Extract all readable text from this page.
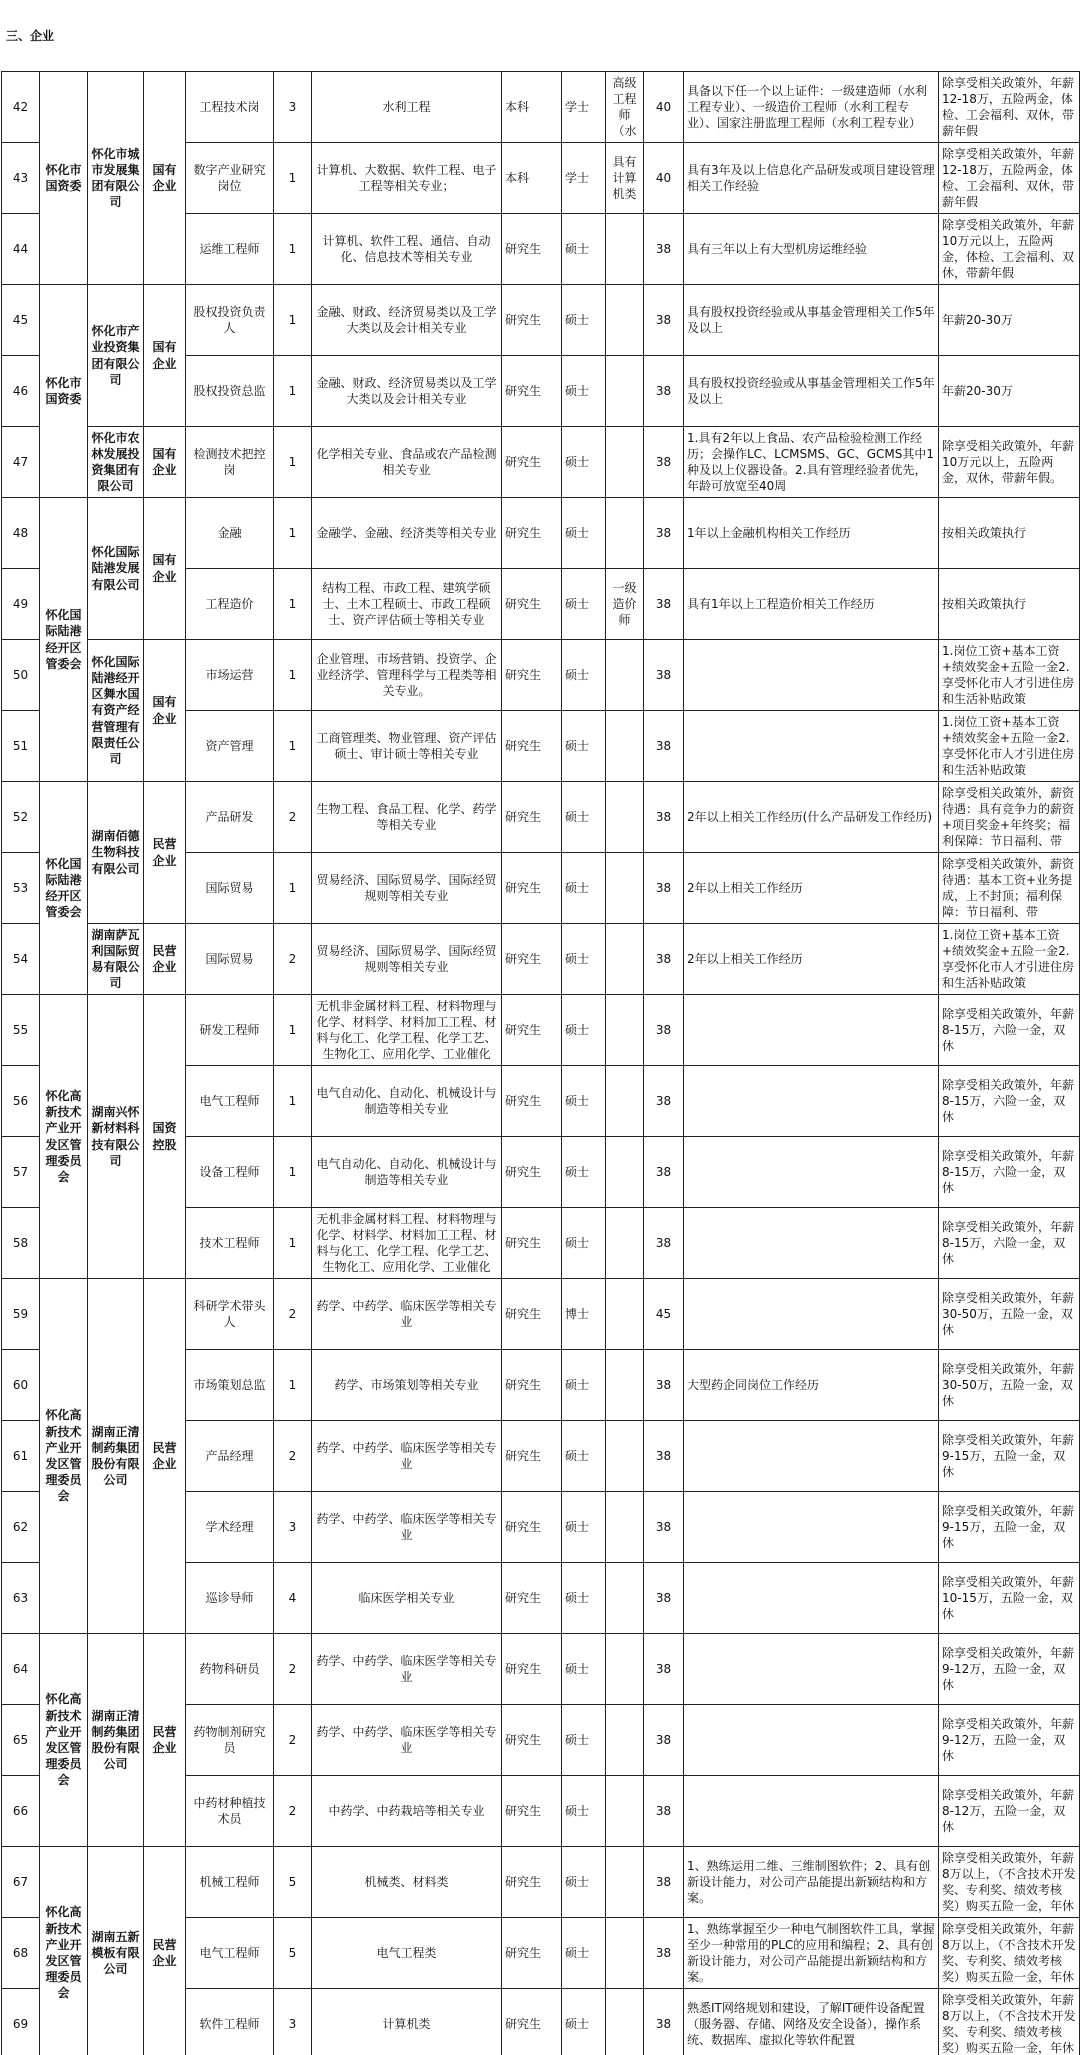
三、企业
42	怀化市国资委	怀化市城市发展集团有限公司	国有企业	工程技术岗	3	水利工程	本科	学士	高级工程师（水	40	具备以下任一个以上证件：一级建造师（水利工程专业）、一级造价工程师（水利工程专业）、国家注册监理工程师（水利工程专业）	除享受相关政策外，年薪12-18万，五险两金，体检、工会福利、双休，带薪年假

43				数字产业研究岗位	1	计算机、大数据、软件工程、电子工程等相关专业；	本科	学士	具有计算机类	40	具有3年及以上信息化产品研发或项目建设管理相关工作经验	除享受相关政策外，年薪12-18万，五险两金，体检、工会福利、双休，带薪年假

44				运维工程师	1	计算机、软件工程、通信、自动化、信息技术等相关专业	研究生	硕士		38	具有三年以上有大型机房运维经验	除享受相关政策外，年薪10万元以上，五险两金，体检、工会福利、双休，带薪年假

45	怀化市国资委	怀化市产业投资集团有限公司	国有企业	股权投资负责人	1	金融、财政、经济贸易类以及工学大类以及会计相关专业	研究生	硕士		38	具有股权投资经验或从事基金管理相关工作5年及以上	年薪20-30万

46				股权投资总监	1	金融、财政、经济贸易类以及工学大类以及会计相关专业	研究生	硕士		38	具有股权投资经验或从事基金管理相关工作5年及以上	年薪20-30万

47		怀化市农林发展投资集团有限公司	国有企业	检测技术把控岗	1	化学相关专业、食品或农产品检测相关专业	研究生	硕士		38	1.具有2年以上食品、农产品检验检测工作经历；会操作LC、LCMSMS、GC、GCMS其中1种及以上仪器设备。2.具有管理经验者优先，年龄可放宽至40周	除享受相关政策外，年薪10万元以上，五险两金，双休，带薪年假。

48	怀化国际陆港经开区管委会	怀化国际陆港发展有限公司	国有企业	金融	1	金融学、金融、经济类等相关专业	研究生	硕士		38	1年以上金融机构相关工作经历	按相关政策执行

49				工程造价	1	结构工程、市政工程、建筑学硕士、土木工程硕士、市政工程硕士、资产评估硕士等相关专业	研究生	硕士	一级造价师	38	具有1年以上工程造价相关工作经历	按相关政策执行

50		怀化国际陆港经开区舞水国有资产经营管理有限责任公司	国有企业	市场运营	1	企业管理、市场营销、投资学、企业经济学、管理科学与工程类等相关专业。	研究生	硕士		38		1.岗位工资+基本工资+绩效奖金+五险一金2.享受怀化市人才引进住房和生活补贴政策

51				资产管理	1	工商管理类、物业管理、资产评估硕士、审计硕士等相关专业	研究生	硕士		38		1.岗位工资+基本工资+绩效奖金+五险一金2.享受怀化市人才引进住房和生活补贴政策

52	怀化国际陆港经开区管委会	湖南佰德生物科技有限公司	民营企业	产品研发	2	生物工程、食品工程、化学、药学等相关专业	研究生	硕士		38	2年以上相关工作经历(什么产品研发工作经历)	除享受相关政策外，薪资待遇：具有竞争力的薪资+项目奖金+年终奖；福利保障：节日福利、带

53				国际贸易	1	贸易经济、国际贸易学、国际经贸规则等相关专业	研究生	硕士		38	2年以上相关工作经历	除享受相关政策外，薪资待遇：基本工资+业务提成，上不封顶；福利保障：节日福利、带

54		湖南萨瓦利国际贸易有限公司	民营企业	国际贸易	2	贸易经济、国际贸易学、国际经贸规则等相关专业	研究生	硕士		38	2年以上相关工作经历	1.岗位工资+基本工资+绩效奖金+五险一金2.享受怀化市人才引进住房和生活补贴政策

55	怀化高新技术产业开发区管理委员会	湖南兴怀新材料科技有限公司	国资控股	研发工程师	1	无机非金属材料工程、材料物理与化学、材料学、材料加工工程、材料与化工、化学工程、化学工艺、生物化工、应用化学、工业催化	研究生	硕士		38		除享受相关政策外，年薪8-15万，六险一金，双休

56				电气工程师	1	电气自动化、自动化、机械设计与制造等相关专业	研究生	硕士		38		除享受相关政策外，年薪8-15万，六险一金，双休

57				设备工程师	1	电气自动化、自动化、机械设计与制造等相关专业	研究生	硕士		38		除享受相关政策外，年薪8-15万，六险一金，双休

58				技术工程师	1	无机非金属材料工程、材料物理与化学、材料学、材料加工工程、材料与化工、化学工程、化学工艺、生物化工、应用化学、工业催化	研究生	硕士		38		除享受相关政策外，年薪8-15万，六险一金，双休

59	怀化高新技术产业开发区管理委员会	湖南正清制药集团股份有限公司	民营企业	科研学术带头人	2	药学、中药学、临床医学等相关专业	研究生	博士		45		除享受相关政策外，年薪30-50万，五险一金，双休

60				市场策划总监	1	药学、市场策划等相关专业	研究生	硕士		38	大型药企同岗位工作经历	除享受相关政策外，年薪30-50万，五险一金，双休

61				产品经理	2	药学、中药学、临床医学等相关专业	研究生	硕士		38		除享受相关政策外，年薪9-15万，五险一金，双休

62				学术经理	3	药学、中药学、临床医学等相关专业	研究生	硕士		38		除享受相关政策外，年薪9-15万，五险一金，双休

63				巡诊导师	4	临床医学相关专业	研究生	硕士		38		除享受相关政策外，年薪10-15万，五险一金，双休

64	怀化高新技术产业开发区管理委员会	湖南正清制药集团股份有限公司	民营企业	药物科研员	2	药学、中药学、临床医学等相关专业	研究生	硕士		38		除享受相关政策外，年薪9-12万，五险一金，双休

65				药物制剂研究员	2	药学、中药学、临床医学等相关专业	研究生	硕士		38		除享受相关政策外，年薪9-12万，五险一金，双休

66				中药材种植技术员	2	中药学、中药栽培等相关专业	研究生	硕士		38		除享受相关政策外，年薪8-12万，五险一金，双休

67	怀化高新技术产业开发区管理委员会	湖南五新模板有限公司	民营企业	机械工程师	5	机械类、材料类	研究生	硕士		38	1、熟练运用二维、三维制图软件；2、具有创新设计能力，对公司产品能提出新颖结构和方案。	除享受相关政策外，年薪8万以上，（不含技术开发奖、专利奖、绩效考核奖）购买五险一金，年休

68				电气工程师	5	电气工程类	研究生	硕士		38	1、熟练掌握至少一种电气制图软件工具，掌握至少一种常用的PLC的应用和编程；2、具有创新设计能力，对公司产品能提出新颖结构和方案。	除享受相关政策外，年薪8万以上，（不含技术开发奖、专利奖、绩效考核奖）购买五险一金，年休

69				软件工程师	3	计算机类	研究生	硕士		38	熟悉IT网络规划和建设，了解IT硬件设备配置（服务器、存储、网络及安全设备），操作系统、数据库、虚拟化等软件配置	除享受相关政策外，年薪8万以上，（不含技术开发奖、专利奖、绩效考核奖）购买五险一金，年休
